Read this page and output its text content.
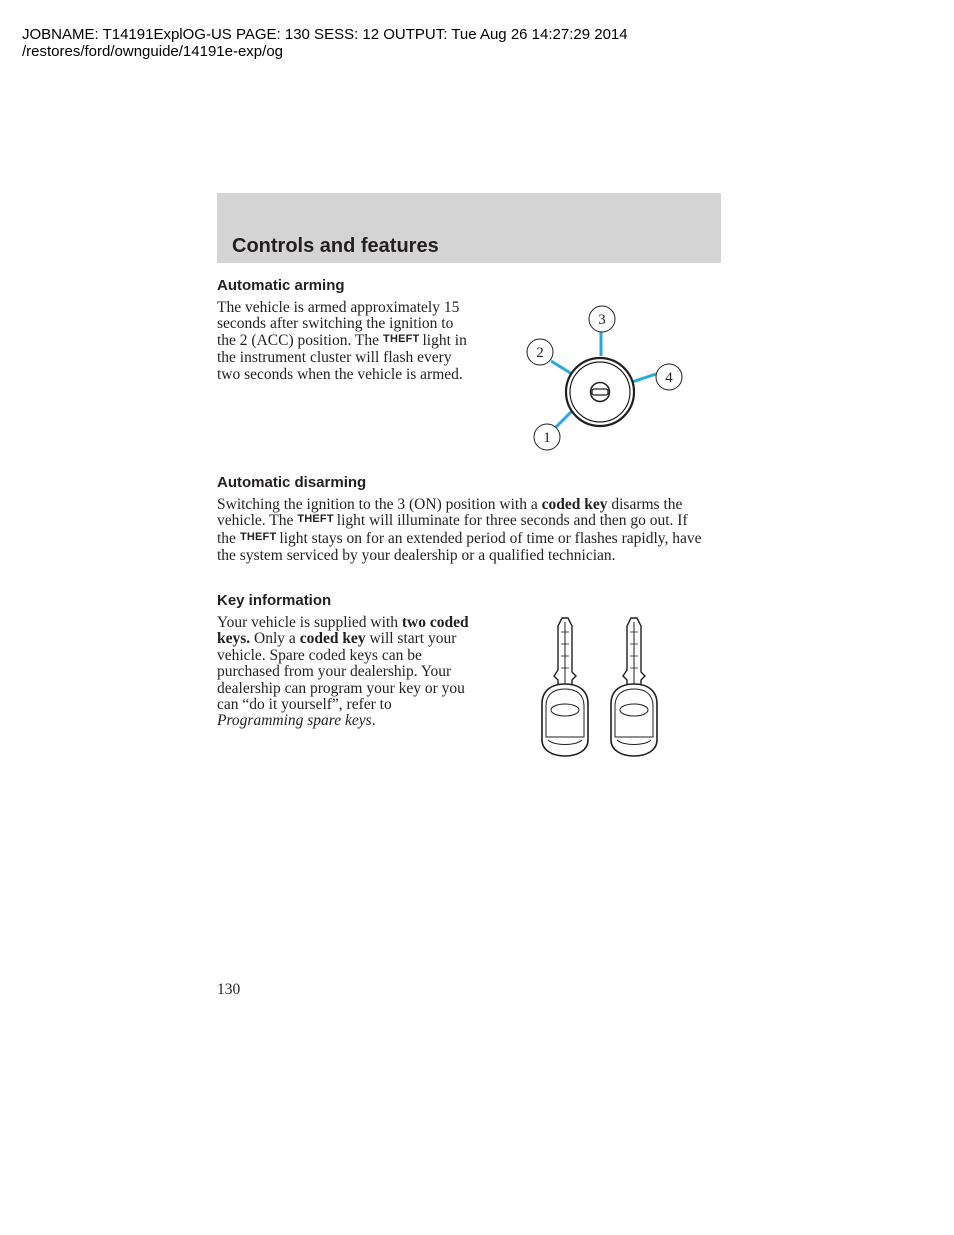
JOBNAME: T14191ExplOG-US PAGE: 130 SESS: 12 OUTPUT: Tue Aug 26 14:27:29 2014
/restores/ford/ownguide/14191e-exp/og
Controls and features
Automatic arming

The vehicle is armed approximately 15 seconds after switching the ignition to the 2 (ACC) position. The THEFT light in the instrument cluster will flash every two seconds when the vehicle is armed.

1
2
3
4
Automatic disarming

Switching the ignition to the 3 (ON) position with a coded key disarms the vehicle. The THEFT light will illuminate for three seconds and then go out. If the THEFT light stays on for an extended period of time or flashes rapidly, have the system serviced by your dealership or a qualified technician.

Key information

Your vehicle is supplied with two coded keys. Only a coded key will start your vehicle. Spare coded keys can be purchased from your dealership. Your dealership can program your key or you can “do it yourself”, refer to Programming spare keys.

130
